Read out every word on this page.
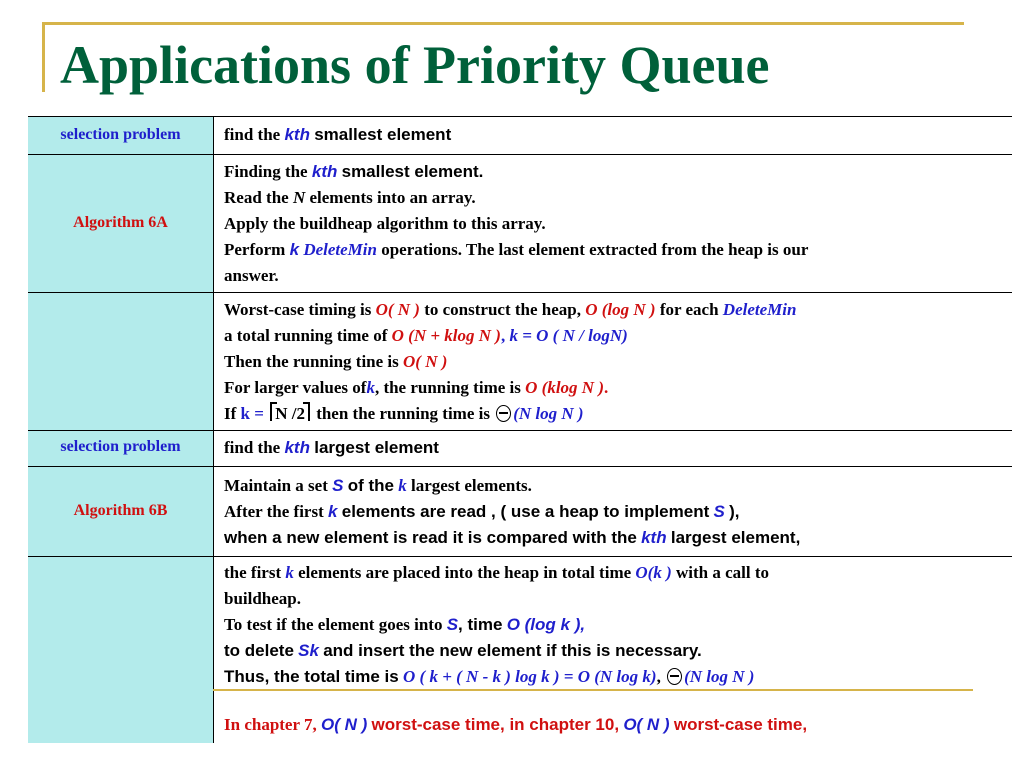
Applications of Priority Queue
selection problem	find the kth smallest element
Algorithm 6A
Finding the kth smallest element.
Read the N elements into an array.
Apply the buildheap algorithm to this array.
Perform k DeleteMin operations. The last element extracted from the heap is our
answer.
Worst-case timing is O( N ) to construct the heap, O (log N ) for each DeleteMin
a total running time of O (N + klog N ), k = O ( N / logN)
Then the running tine is O( N )
For larger values ofk, the running time is O (klog N ).
If k = N /2 then the running time is (N log N )
selection problem	find the kth largest element
Algorithm 6B
Maintain a set S of the k largest elements.
After the first k elements are read , ( use a heap to implement S ),
when a new element is read it is compared with the kth largest element,
the first k elements are placed into the heap in total time O(k ) with a call to
buildheap.
To test if the element goes into S, time O (log k ),
to delete Sk and insert the new element if this is necessary.
Thus, the total time is O ( k + ( N - k ) log k ) = O (N log k), (N log N )
In chapter 7, O( N ) worst-case time, in chapter 10, O( N ) worst-case time,
